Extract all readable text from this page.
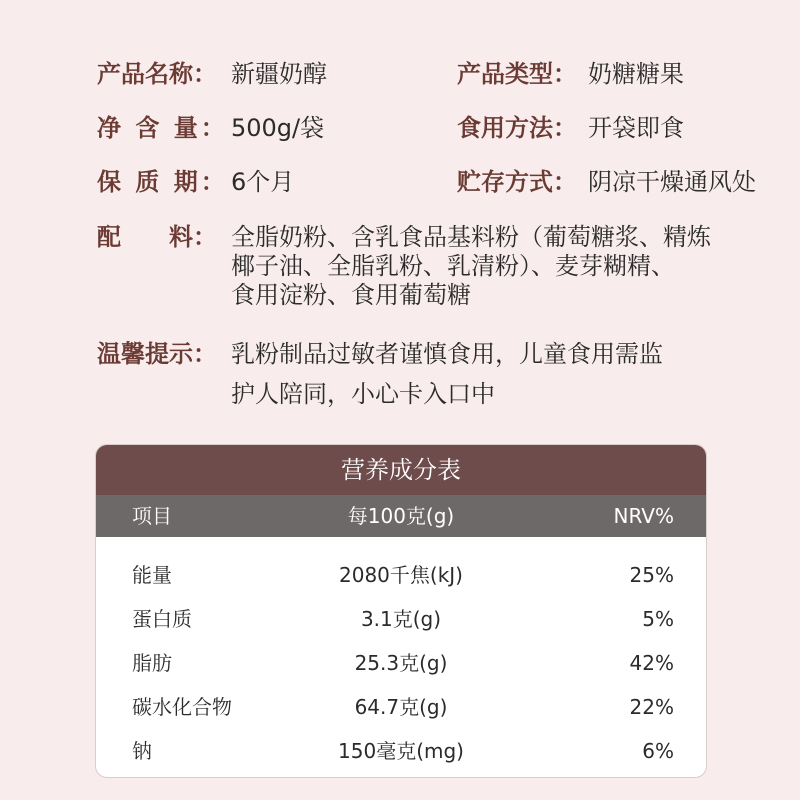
产品名称： 新疆奶醇
净 含 量： 500g/袋
保 质 期： 6个月
产品类型： 奶糖糖果
食用方法： 开袋即食
贮存方式： 阴凉干燥通风处
配　　料： 全脂奶粉、含乳食品基料粉（葡萄糖浆、精炼
椰子油、全脂乳粉、乳清粉）、麦芽糊精、
食用淀粉、食用葡萄糖
温馨提示： 乳粉制品过敏者谨慎食用，儿童食用需监
护人陪同，小心卡入口中
营养成分表
项目	每100克(g)	NRV%
能量	2080千焦(kJ)	25%
蛋白质	3.1克(g)	5%
脂肪	25.3克(g)	42%
碳水化合物	64.7克(g)	22%
钠	150毫克(mg)	6%
